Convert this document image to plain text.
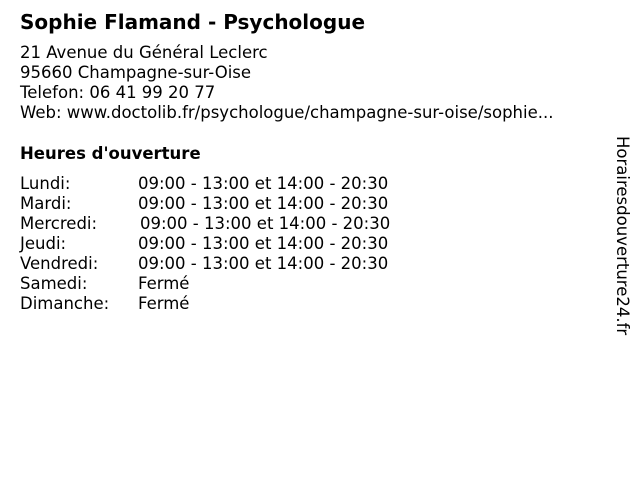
Sophie Flamand - Psychologue
21 Avenue du Général Leclerc
95660 Champagne-sur-Oise
Telefon: 06 41 99 20 77
Web: www.doctolib.fr/psychologue/champagne-sur-oise/sophie...
Heures d'ouverture
Lundi:	09:00 - 13:00 et 14:00 - 20:30
Mardi:	09:00 - 13:00 et 14:00 - 20:30
Mercredi:	09:00 - 13:00 et 14:00 - 20:30
Jeudi:	09:00 - 13:00 et 14:00 - 20:30
Vendredi: 09:00 - 13:00 et 14:00 - 20:30
Samedi:	Fermé
Dimanche: Fermé	Horairesdouverture24.fr
